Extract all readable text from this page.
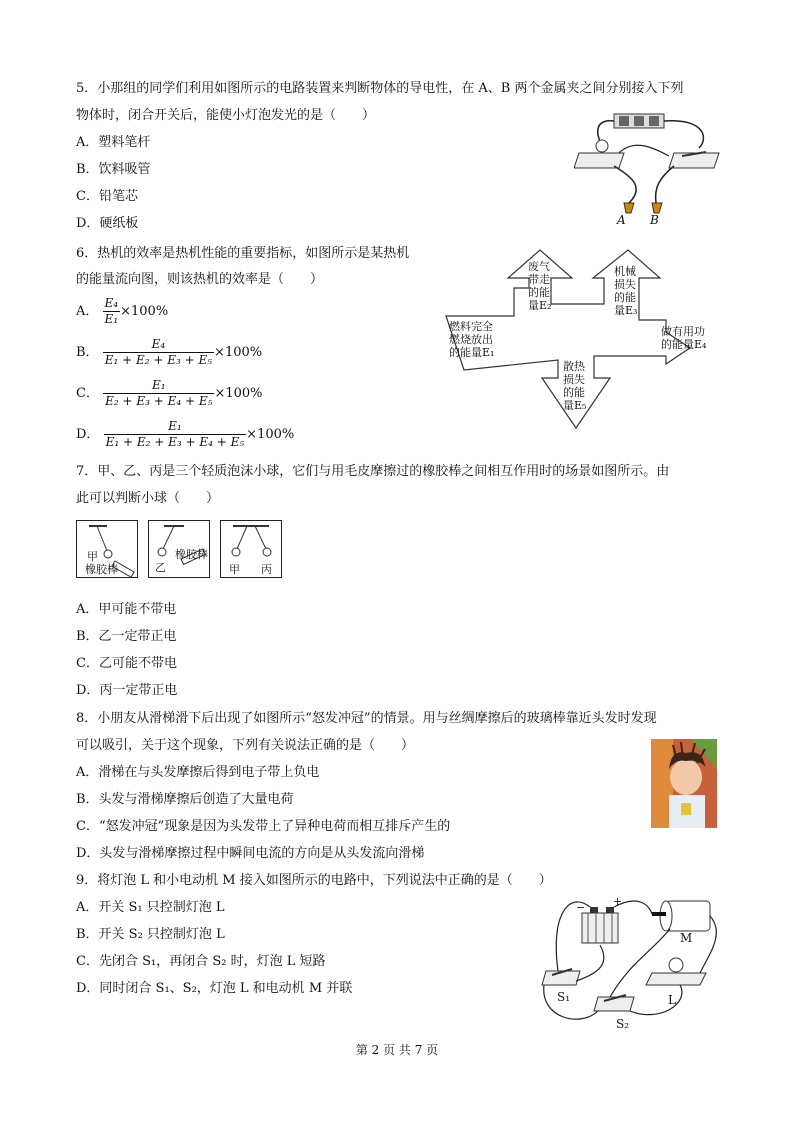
5．小那组的同学们利用如图所示的电路装置来判断物体的导电性，在 A、B 两个金属夹之间分别接入下列
物体时，闭合开关后，能使小灯泡发光的是（　　）
A．塑料笔杆
B．饮料吸管
C．铅笔芯
D．硬纸板	A B
6．热机的效率是热机性能的重要指标，如图所示是某热机
的能量流向图，则该热机的效率是（　　）
A． $\frac{\text{E₄}}{\text{E₁}} \times 100\%$
B． $\frac{\text{E₄}}{\text{E₁ + E₂ + E₃ + E₅}} \times 100\%$
C． $\frac{\text{E₁}}{\text{E₂ + E₃ + E₄ + E₅}} \times 100\%$
D． $\frac{\text{E₁}}{\text{E₁ + E₂ + E₃ + E₄ + E₅}} \times 100\%$
燃料完全
燃烧放出
的能量E₁
废气
带走
的能
量E₂
机械
损失
的能
量E₃
做有用功
的能量E₄
散热
损失
的能
量E₅
7．甲、乙、丙是三个轻质泡沫小球，它们与用毛皮摩擦过的橡胶棒之间相互作用时的场景如图所示。由
此可以判断小球（　　）
甲
橡胶棒	乙
橡胶棒
甲 丙
A．甲可能不带电
B．乙一定带正电
C．乙可能不带电
D．丙一定带正电
8．小朋友从滑梯滑下后出现了如图所示“怒发冲冠”的情景。用与丝绸摩擦后的玻璃棒靠近头发时发现
可以吸引，关于这个现象，下列有关说法正确的是（　　）
A．滑梯在与头发摩擦后得到电子带上负电
B．头发与滑梯摩擦后创造了大量电荷
C．“怒发冲冠”现象是因为头发带上了异种电荷而相互排斥产生的
D．头发与滑梯摩擦过程中瞬间电流的方向是从头发流向滑梯
9．将灯泡 L 和小电动机 M 接入如图所示的电路中，下列说法中正确的是（　　）
A．开关 S₁ 只控制灯泡 L
B．开关 S₂ 只控制灯泡 L
C．先闭合 S₁，再闭合 S₂ 时，灯泡 L 短路
D．同时闭合 S₁、S₂，灯泡 L 和电动机 M 并联
−	+
M
L
S₁
S₂
第 2 页 共 7 页
